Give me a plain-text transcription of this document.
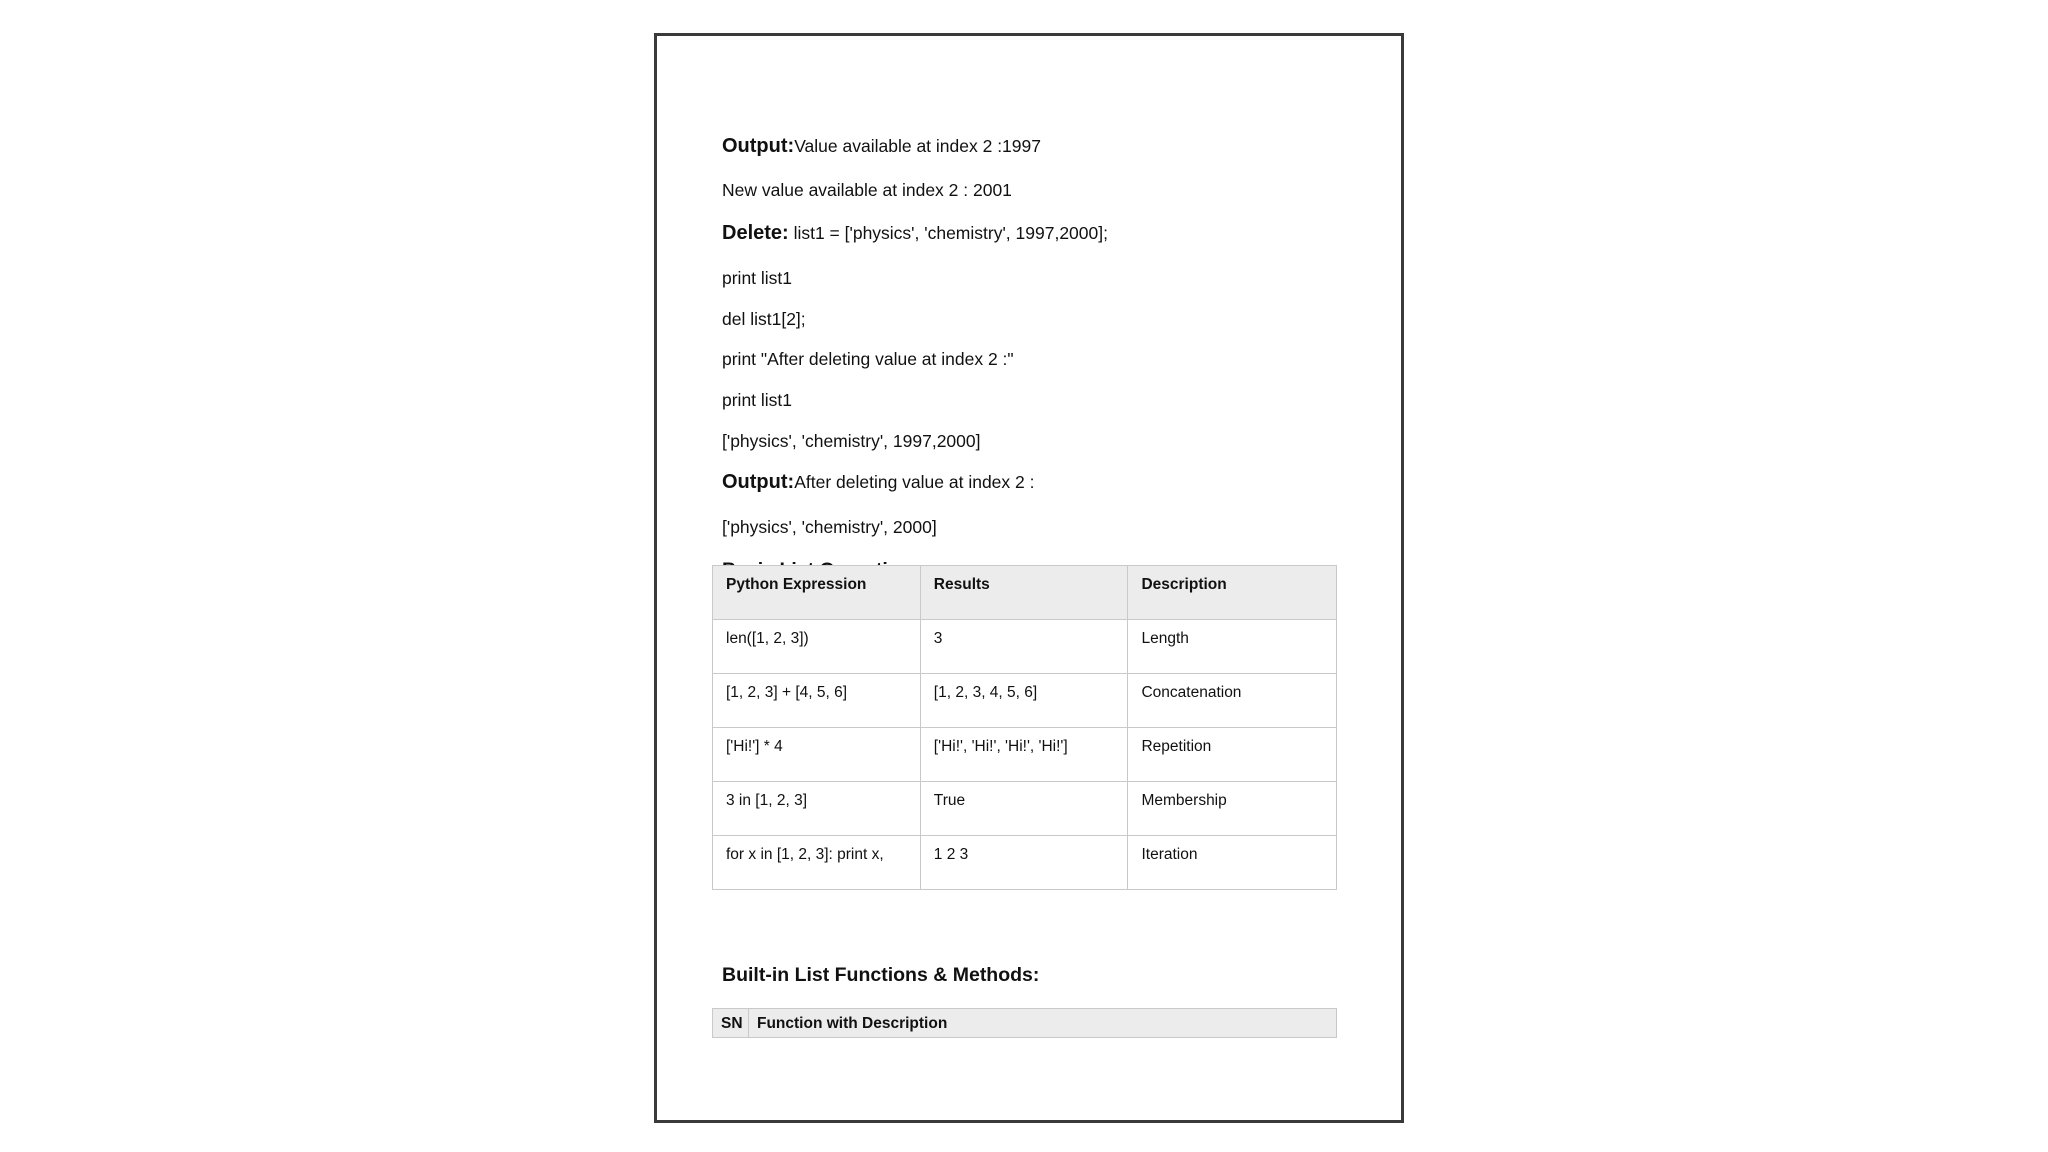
Output:Value available at index 2 :1997
New value available at index 2 : 2001
Delete: list1 = ['physics', 'chemistry', 1997,2000];
print list1
del list1[2];
print "After deleting value at index 2 :"
print list1
['physics', 'chemistry', 1997,2000]
Output:After deleting value at index 2 :
['physics', 'chemistry', 2000]
Python Expression	Results	Description
len([1, 2, 3])	3	Length
[1, 2, 3] + [4, 5, 6]	[1, 2, 3, 4, 5, 6]	Concatenation
['Hi!'] * 4	['Hi!', 'Hi!', 'Hi!', 'Hi!']	Repetition
3 in [1, 2, 3]	True	Membership
for x in [1, 2, 3]: print x,	1 2 3	Iteration
Built-in List Functions & Methods:
SN	Function with Description
